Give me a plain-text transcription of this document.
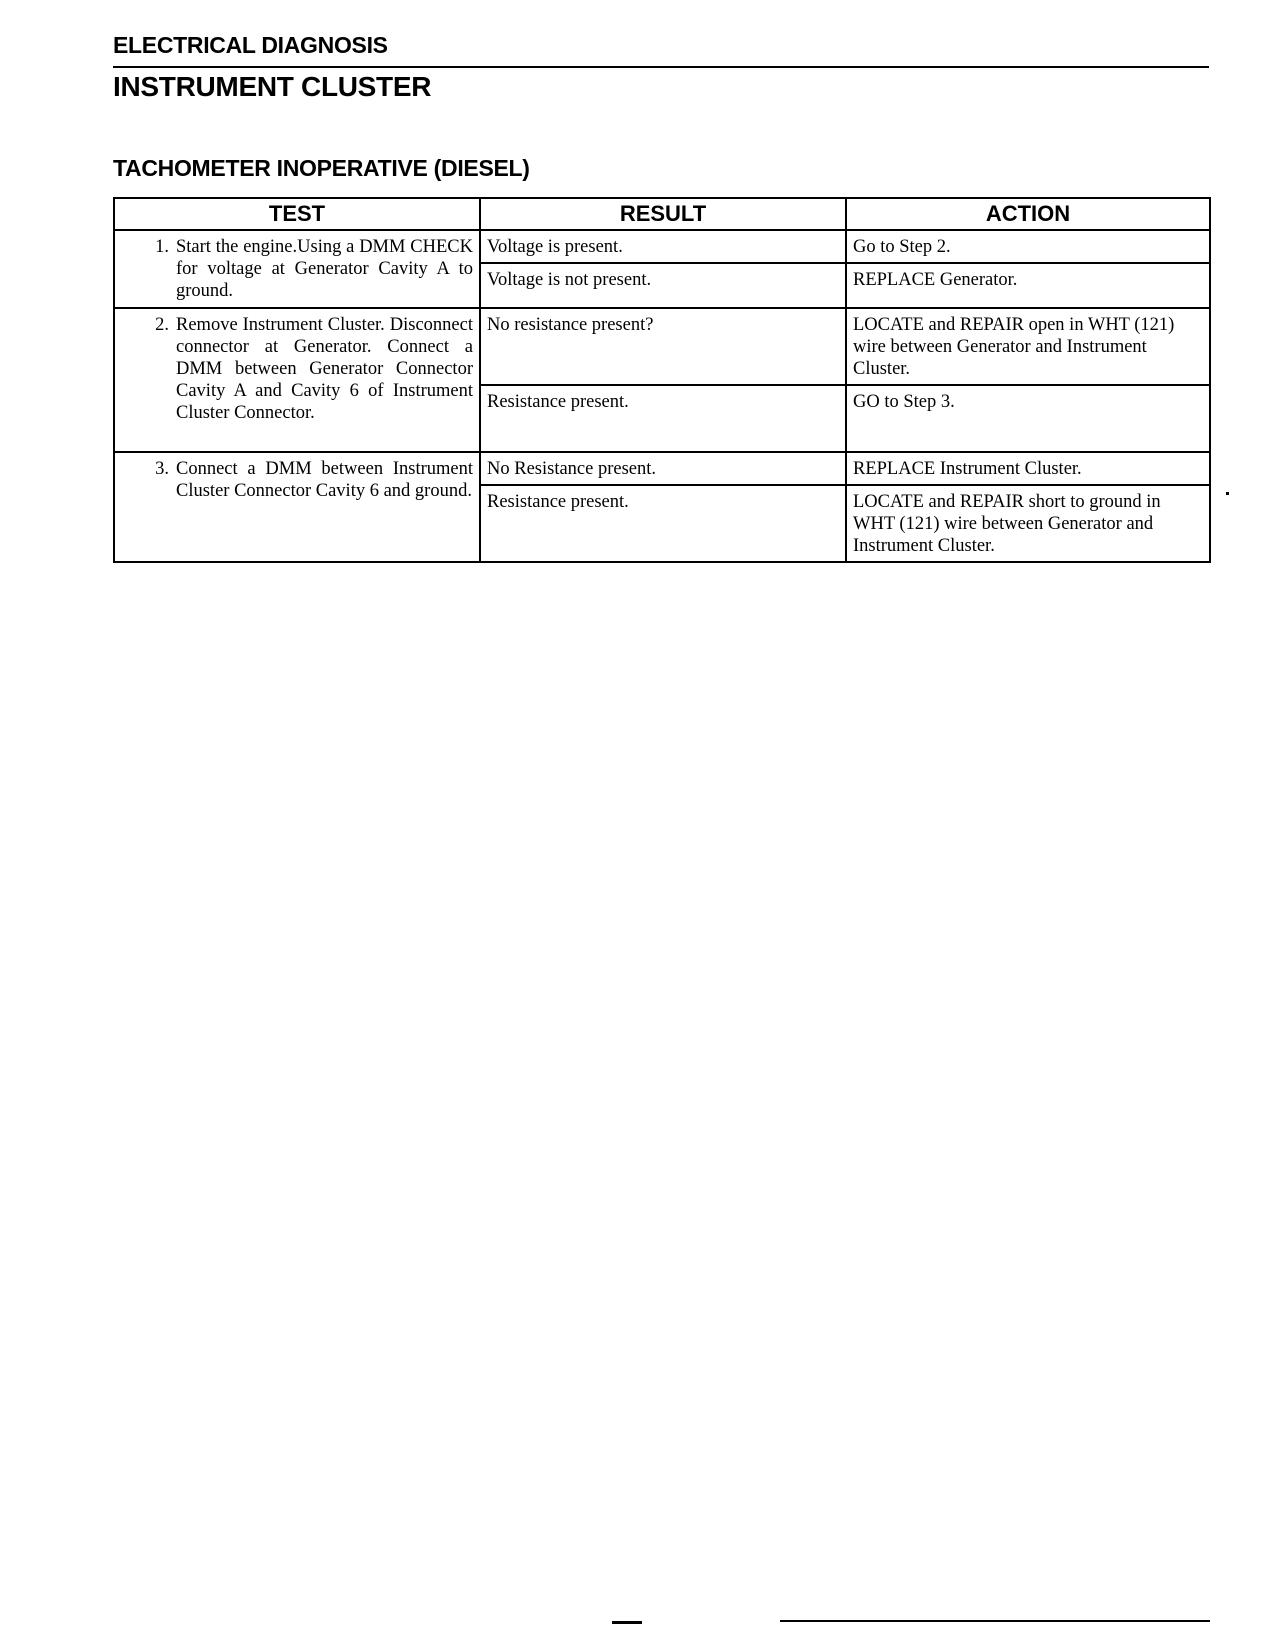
ELECTRICAL DIAGNOSIS
INSTRUMENT CLUSTER
TACHOMETER INOPERATIVE (DIESEL)
TEST	RESULT	ACTION

1. Start the engine.Using a DMM CHECK for voltage at Generator Cavity A to ground.	Voltage is present.	Go to Step 2.
	Voltage is not present.	REPLACE Generator.

2. Remove Instrument Cluster. Disconnect connector at Generator. Connect a DMM between Generator Connector Cavity A and Cavity 6 of Instrument Cluster Connector.	No resistance present?	LOCATE and REPAIR open in WHT (121) wire between Generator and Instrument Cluster.
	Resistance present.	GO to Step 3.

3. Connect a DMM between Instrument Cluster Connector Cavity 6 and ground.	No Resistance present.	REPLACE Instrument Cluster.
	Resistance present.	LOCATE and REPAIR short to ground in WHT (121) wire between Generator and Instrument Cluster.
